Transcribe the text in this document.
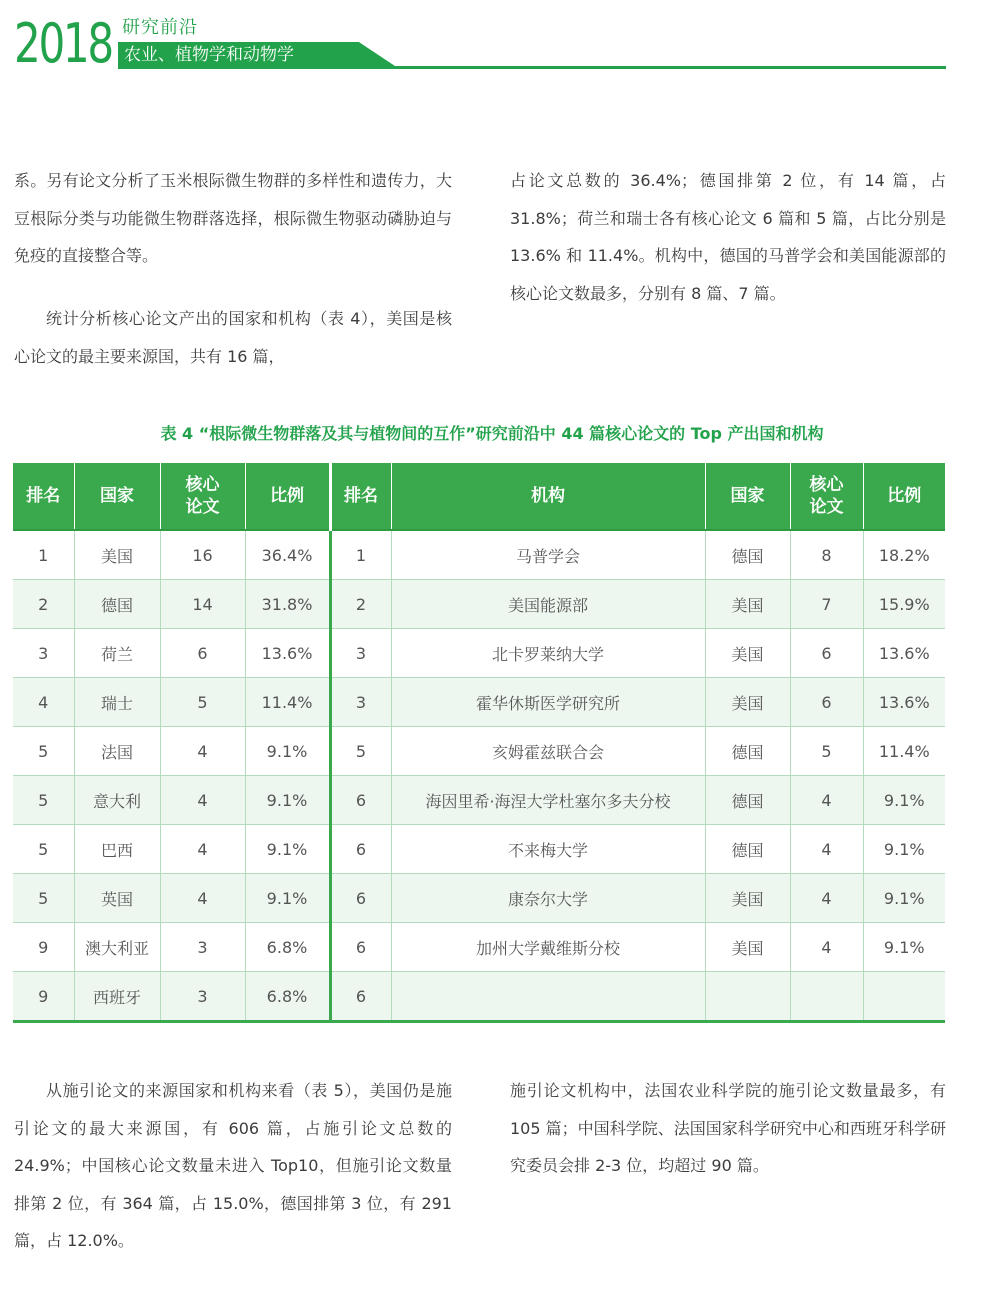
2018 研究前沿
农业、植物学和动物学
系。另有论文分析了玉米根际微生物群的多样性和遗传力，大豆根际分类与功能微生物群落选择，根际微生物驱动磷胁迫与免疫的直接整合等。
统计分析核心论文产出的国家和机构（表 4），美国是核心论文的最主要来源国，共有 16 篇，
占论文总数的 36.4%；德国排第 2 位，有 14 篇，占 31.8%；荷兰和瑞士各有核心论文 6 篇和 5 篇，占比分别是 13.6% 和 11.4%。机构中，德国的马普学会和美国能源部的核心论文数最多，分别有 8 篇、7 篇。
表 4 “根际微生物群落及其与植物间的互作”研究前沿中 44 篇核心论文的 Top 产出国和机构
排名	国家	核心论文	比例	排名	机构	国家	核心论文	比例
1	美国	16	36.4%	1	马普学会	德国	8	18.2%
2	德国	14	31.8%	2	美国能源部	美国	7	15.9%
3	荷兰	6	13.6%	3	北卡罗莱纳大学	美国	6	13.6%
4	瑞士	5	11.4%	3	霍华休斯医学研究所	美国	6	13.6%
5	法国	4	9.1%	5	亥姆霍兹联合会	德国	5	11.4%
5	意大利	4	9.1%	6	海因里希·海涅大学杜塞尔多夫分校	德国	4	9.1%
5	巴西	4	9.1%	6	不来梅大学	德国	4	9.1%
5	英国	4	9.1%	6	康奈尔大学	美国	4	9.1%
9	澳大利亚	3	6.8%	6	加州大学戴维斯分校	美国	4	9.1%
9	西班牙	3	6.8%	6				
从施引论文的来源国家和机构来看（表 5），美国仍是施引论文的最大来源国，有 606 篇，占施引论文总数的 24.9%；中国核心论文数量未进入 Top10，但施引论文数量排第 2 位，有 364 篇，占 15.0%，德国排第 3 位，有 291 篇，占 12.0%。
施引论文机构中，法国农业科学院的施引论文数量最多，有 105 篇；中国科学院、法国国家科学研究中心和西班牙科学研究委员会排 2-3 位，均超过 90 篇。
